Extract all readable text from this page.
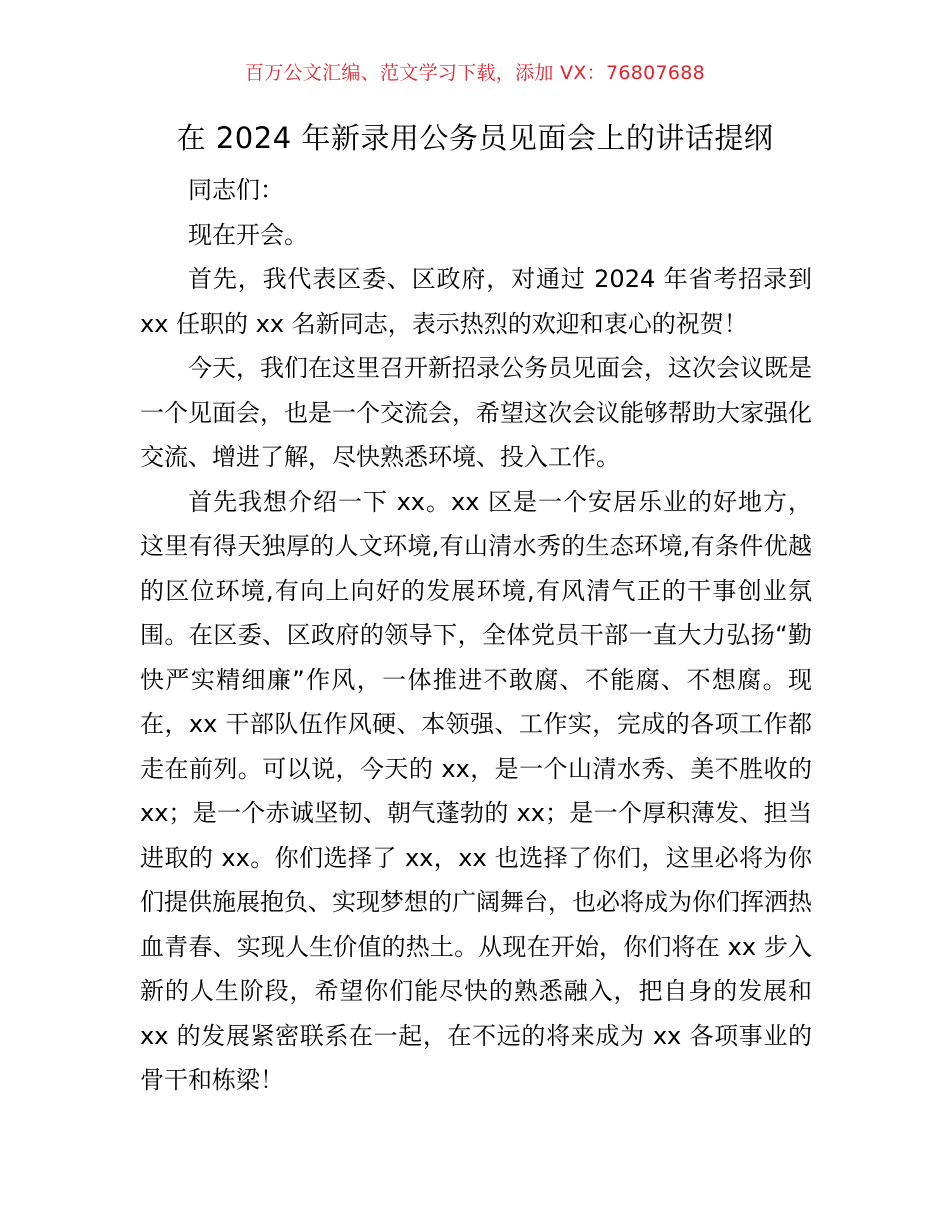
百万公文汇编、范文学习下载，添加 VX：76807688
在 2024 年新录用公务员见面会上的讲话提纲

同志们：

现在开会。

首先，我代表区委、区政府，对通过 2024 年省考招录到 xx 任职的 xx 名新同志，表示热烈的欢迎和衷心的祝贺！

今天，我们在这里召开新招录公务员见面会，这次会议既是一个见面会，也是一个交流会，希望这次会议能够帮助大家强化交流、增进了解，尽快熟悉环境、投入工作。

首先我想介绍一下 xx。xx 区是一个安居乐业的好地方，这里有得天独厚的人文环境,有山清水秀的生态环境,有条件优越的区位环境,有向上向好的发展环境,有风清气正的干事创业氛围。在区委、区政府的领导下，全体党员干部一直大力弘扬“勤快严实精细廉”作风，一体推进不敢腐、不能腐、不想腐。现在，xx 干部队伍作风硬、本领强、工作实，完成的各项工作都走在前列。可以说，今天的 xx，是一个山清水秀、美不胜收的 xx；是一个赤诚坚韧、朝气蓬勃的 xx；是一个厚积薄发、担当进取的 xx。你们选择了 xx，xx 也选择了你们，这里必将为你们提供施展抱负、实现梦想的广阔舞台，也必将成为你们挥洒热血青春、实现人生价值的热土。从现在开始，你们将在 xx 步入新的人生阶段，希望你们能尽快的熟悉融入，把自身的发展和 xx 的发展紧密联系在一起，在不远的将来成为 xx 各项事业的骨干和栋梁！
